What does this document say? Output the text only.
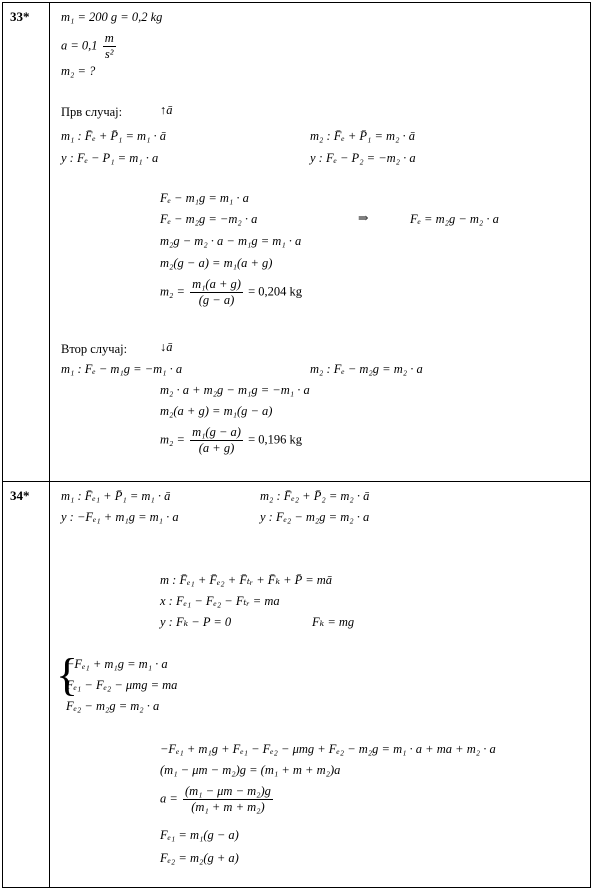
33*	m₁ = 200 g = 0,2 kg
$a = 0,1 \frac{m}{\text{s²}}$
m₂ = ?
Прв случај:	↑ā
m₁ : F̄ₑ + P̄₁ = m₁ · ā
y : Fₑ − P₁ = m₁ · a
m₂ : F̄ₑ + P̄₁ = m₂ · ā
y : Fₑ − P₂ = −m₂ · a
Fₑ − m₁g = m₁ · a
Fₑ − m₂g = −m₂ · a	⇒	Fₑ = m₂g − m₂ · a
m₂g − m₂ · a − m₁g = m₁ · a
m₂(g − a) = m₁(a + g)
$m_2 = \frac{\text{m₁(a + g)}}{(g - a)} = 0,204$ kg
Втор случај:	↓ā
m₁ : Fₑ − m₁g = −m₁ · a	m₂ : Fₑ − m₂g = m₂ · a
m₂ · a + m₂g − m₁g = −m₁ · a
m₂(a + g) = m₁(g − a)
$m_2 = \frac{\text{m₁(g − a)}}{(a + g)} = 0,196$ kg
34*	m₁ : F̄ₑ₁ + P̄₁ = m₁ · ā
y : −Fₑ₁ + m₁g = m₁ · a
m₂ : F̄ₑ₂ + P̄₂ = m₂ · ā
y : Fₑ₂ − m₂g = m₂ · a
m : F̄ₑ₁ + F̄ₑ₂ + F̄ₜᵣ + F̄ₖ + P̄ = mā
x : Fₑ₁ − Fₑ₂ − Fₜᵣ = ma
y : Fₖ − P = 0	Fₖ = mg
{
−Fₑ₁ + m₁g = m₁ · a
Fₑ₁ − Fₑ₂ − μmg = ma
Fₑ₂ − m₂g = m₂ · a
−Fₑ₁ + m₁g + Fₑ₁ − Fₑ₂ − μmg + Fₑ₂ − m₂g = m₁ · a + ma + m₂ · a
(m₁ − μm − m₂)g = (m₁ + m + m₂)a
$a = \frac{\text{(m₁ − μm − m₂)g}}{\text{(m₁ + m + m₂)}}$
Fₑ₁ = m₁(g − a)
Fₑ₂ = m₂(g + a)
